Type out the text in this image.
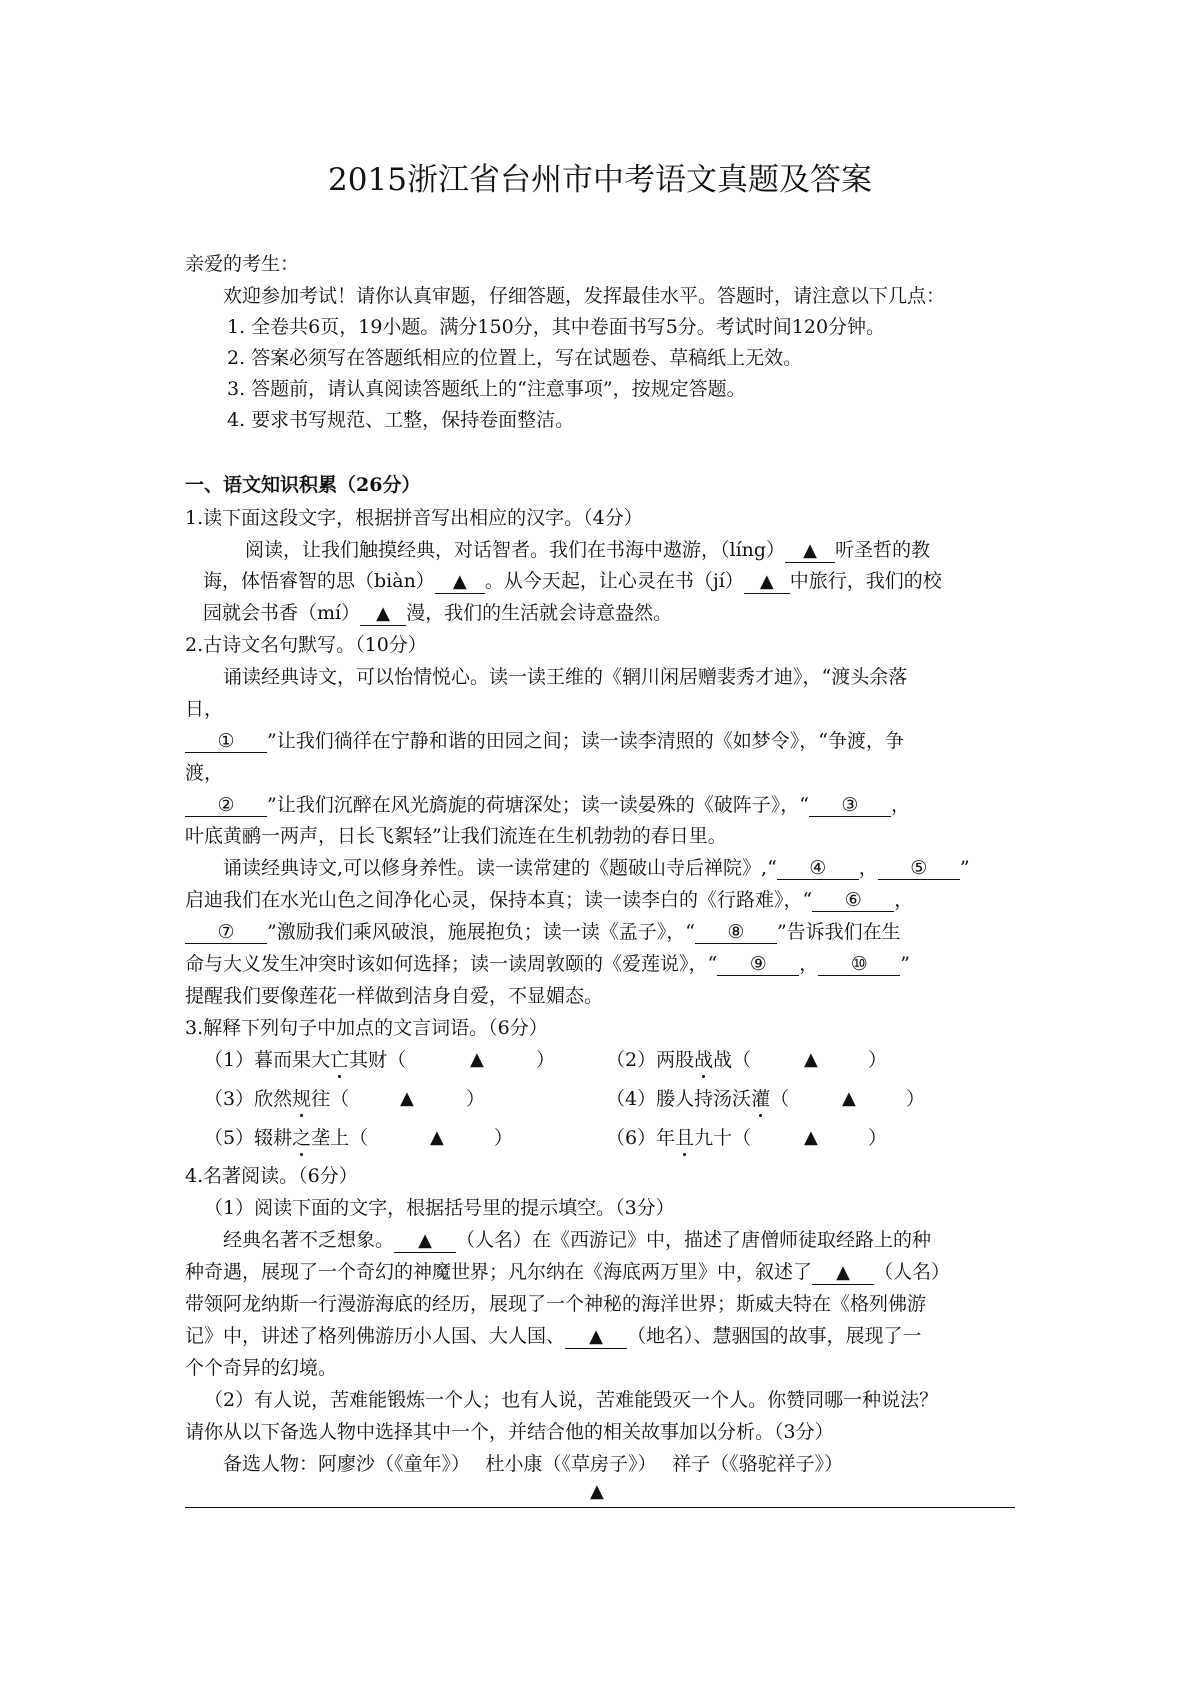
2015浙江省台州市中考语文真题及答案
亲爱的考生：
欢迎参加考试！请你认真审题，仔细答题，发挥最佳水平。答题时，请注意以下几点：
1. 全卷共6页，19小题。满分150分，其中卷面书写5分。考试时间120分钟。
2. 答案必须写在答题纸相应的位置上，写在试题卷、草稿纸上无效。
3. 答题前，请认真阅读答题纸上的“注意事项”，按规定答题。
4. 要求书写规范、工整，保持卷面整洁。
一、语文知识积累（26分）
1.读下面这段文字，根据拼音写出相应的汉字。（4分）
阅读，让我们触摸经典，对话智者。我们在书海中遨游，（líng） ▲ 听圣哲的教
诲，体悟睿智的思（biàn） ▲ 。从今天起，让心灵在书（jí） ▲ 中旅行，我们的校
园就会书香（mí） ▲ 漫，我们的生活就会诗意盎然。
2.古诗文名句默写。（10分）
诵读经典诗文，可以怡情悦心。读一读王维的《辋川闲居赠裴秀才迪》，“渡头余落
日，
① ”让我们徜徉在宁静和谐的田园之间；读一读李清照的《如梦令》，“争渡，争
渡，
② ”让我们沉醉在风光旖旎的荷塘深处；读一读晏殊的《破阵子》，“ ③ ，
叶底黄鹂一两声，日长飞絮轻”让我们流连在生机勃勃的春日里。
诵读经典诗文,可以修身养性。读一读常建的《题破山寺后禅院》,“ ④ ， ⑤ ”
启迪我们在水光山色之间净化心灵，保持本真；读一读李白的《行路难》，“ ⑥ ，
⑦ ”激励我们乘风破浪，施展抱负；读一读《孟子》，“ ⑧ ”告诉我们在生
命与大义发生冲突时该如何选择；读一读周敦颐的《爱莲说》，“ ⑨ ， ⑩ ”
提醒我们要像莲花一样做到洁身自爱，不显媚态。
3.解释下列句子中加点的文言词语。（6分）
（1）暮而果大亡其财（	▲	）	（2）两股战战（	▲	）
（3）欣然规往（	▲	）	（4）媵人持汤沃灌（	▲	）
（5）辍耕之垄上（	▲	）	（6）年且九十（	▲	）
4.名著阅读。（6分）
（1）阅读下面的文字，根据括号里的提示填空。（3分）
经典名著不乏想象。 ▲ （人名）在《西游记》中，描述了唐僧师徒取经路上的种
种奇遇，展现了一个奇幻的神魔世界；凡尔纳在《海底两万里》中，叙述了 ▲ （人名）
带领阿龙纳斯一行漫游海底的经历，展现了一个神秘的海洋世界；斯威夫特在《格列佛游
记》中，讲述了格列佛游历小人国、大人国、 ▲ （地名）、慧骃国的故事，展现了一
个个奇异的幻境。
（2）有人说，苦难能锻炼一个人；也有人说，苦难能毁灭一个人。你赞同哪一种说法？
请你从以下备选人物中选择其中一个，并结合他的相关故事加以分析。（3分）
备选人物：阿廖沙（《童年》）　 杜小康（《草房子》）　 祥子（《骆驼祥子》）
▲
